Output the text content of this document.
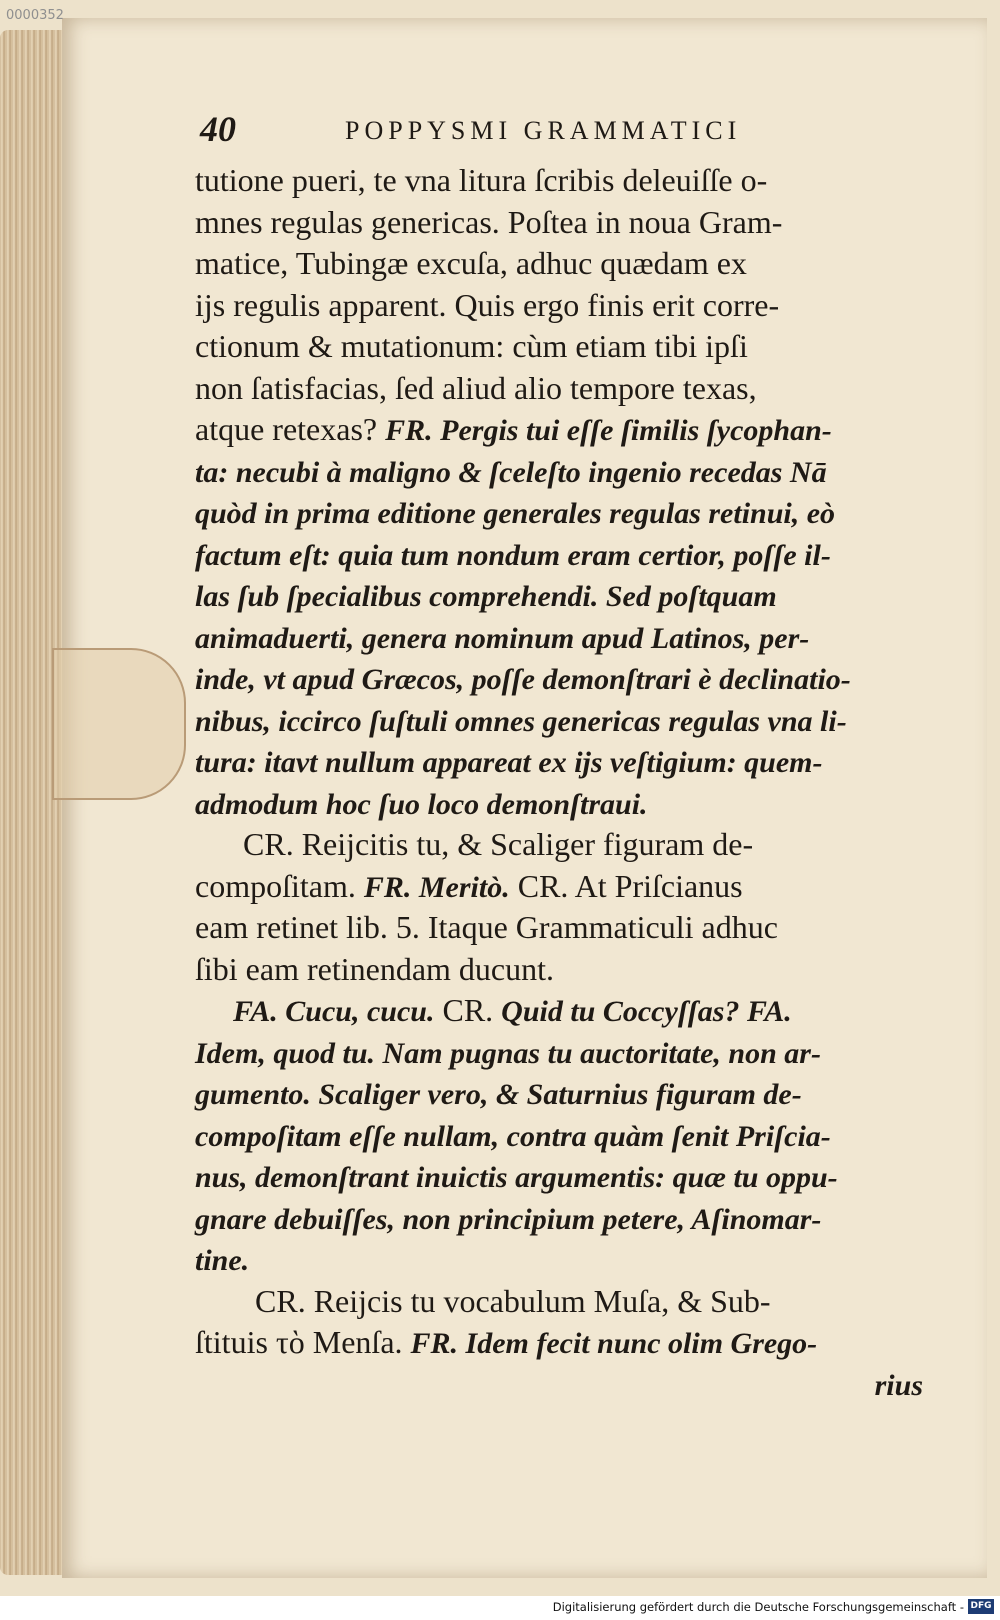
0000352
40	POPPYSMI GRAMMATICI
tutione pueri, te vna litura ſcribis deleuiſſe o-
mnes regulas genericas. Poſtea in noua Gram-
matice, Tubingæ excuſa, adhuc quædam ex
ijs regulis apparent. Quis ergo finis erit corre-
ctionum & mutationum: cùm etiam tibi ipſi
non ſatisfacias, ſed aliud alio tempore texas,
atque retexas? FR. Pergis tui eſſe ſimilis ſycophan-
ta: necubi à maligno & ſceleſto ingenio recedas Nā
quòd in prima editione generales regulas retinui, eò
factum eſt: quia tum nondum eram certior, poſſe il-
las ſub ſpecialibus comprehendi. Sed poſtquam
animaduerti, genera nominum apud Latinos, per-
inde, vt apud Græcos, poſſe demonſtrari è declinatio-
nibus, iccirco ſuſtuli omnes genericas regulas vna li-
tura: itavt nullum appareat ex ijs veſtigium: quem-
admodum hoc ſuo loco demonſtraui.
CR. Reijcitis tu, & Scaliger figuram de-
compoſitam. FR. Meritò. CR. At Priſcianus
eam retinet lib. 5. Itaque Grammaticuli adhuc
ſibi eam retinendam ducunt.
FA. Cucu, cucu. CR. Quid tu Coccyſſas? FA.
Idem, quod tu. Nam pugnas tu auctoritate, non ar-
gumento. Scaliger vero, & Saturnius figuram de-
compoſitam eſſe nullam, contra quàm ſenit Priſcia-
nus, demonſtrant inuictis argumentis: quæ tu oppu-
gnare debuiſſes, non principium petere, Aſinomar-
tine.
CR. Reijcis tu vocabulum Muſa, & Sub-
ſtituis τὸ Menſa. FR. Idem fecit nunc olim Grego-
rius
Digitalisierung gefördert durch die Deutsche Forschungsgemeinschaft - DFG
